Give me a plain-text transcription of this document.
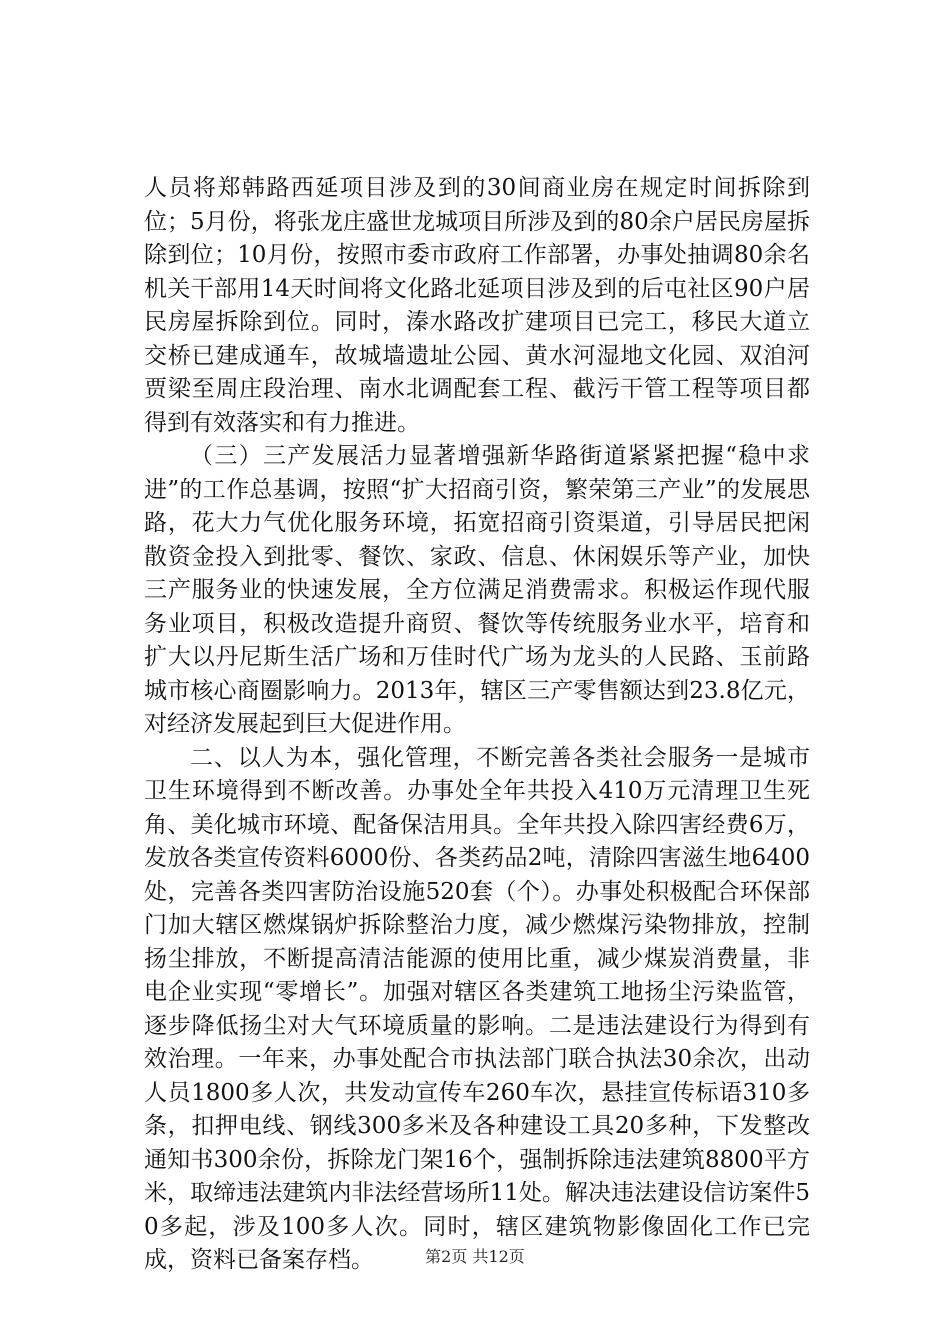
人员将郑韩路西延项目涉及到的30间商业房在规定时间拆除到位；5月份，将张龙庄盛世龙城项目所涉及到的80余户居民房屋拆除到位；10月份，按照市委市政府工作部署，办事处抽调80余名机关干部用14天时间将文化路北延项目涉及到的后屯社区90户居民房屋拆除到位。同时，溱水路改扩建项目已完工，移民大道立交桥已建成通车，故城墙遗址公园、黄水河湿地文化园、双洎河贾梁至周庄段治理、南水北调配套工程、截污干管工程等项目都得到有效落实和有力推进。

（三）三产发展活力显著增强新华路街道紧紧把握“稳中求进”的工作总基调，按照“扩大招商引资，繁荣第三产业”的发展思路，花大力气优化服务环境，拓宽招商引资渠道，引导居民把闲散资金投入到批零、餐饮、家政、信息、休闲娱乐等产业，加快三产服务业的快速发展，全方位满足消费需求。积极运作现代服务业项目，积极改造提升商贸、餐饮等传统服务业水平，培育和扩大以丹尼斯生活广场和万佳时代广场为龙头的人民路、玉前路城市核心商圈影响力。2013年，辖区三产零售额达到23.8亿元，对经济发展起到巨大促进作用。

二、以人为本，强化管理，不断完善各类社会服务一是城市卫生环境得到不断改善。办事处全年共投入410万元清理卫生死角、美化城市环境、配备保洁用具。全年共投入除四害经费6万，发放各类宣传资料6000份、各类药品2吨，清除四害滋生地6400处，完善各类四害防治设施520套（个）。办事处积极配合环保部门加大辖区燃煤锅炉拆除整治力度，减少燃煤污染物排放，控制扬尘排放，不断提高清洁能源的使用比重，减少煤炭消费量，非电企业实现“零增长”。加强对辖区各类建筑工地扬尘污染监管，逐步降低扬尘对大气环境质量的影响。二是违法建设行为得到有效治理。一年来，办事处配合市执法部门联合执法30余次，出动人员1800多人次，共发动宣传车260车次，悬挂宣传标语310多条，扣押电线、钢线300多米及各种建设工具20多种，下发整改通知书300余份，拆除龙门架16个，强制拆除违法建筑8800平方米，取缔违法建筑内非法经营场所11处。解决违法建设信访案件50多起，涉及100多人次。同时，辖区建筑物影像固化工作已完成，资料已备案存档。	第2页 共12页
